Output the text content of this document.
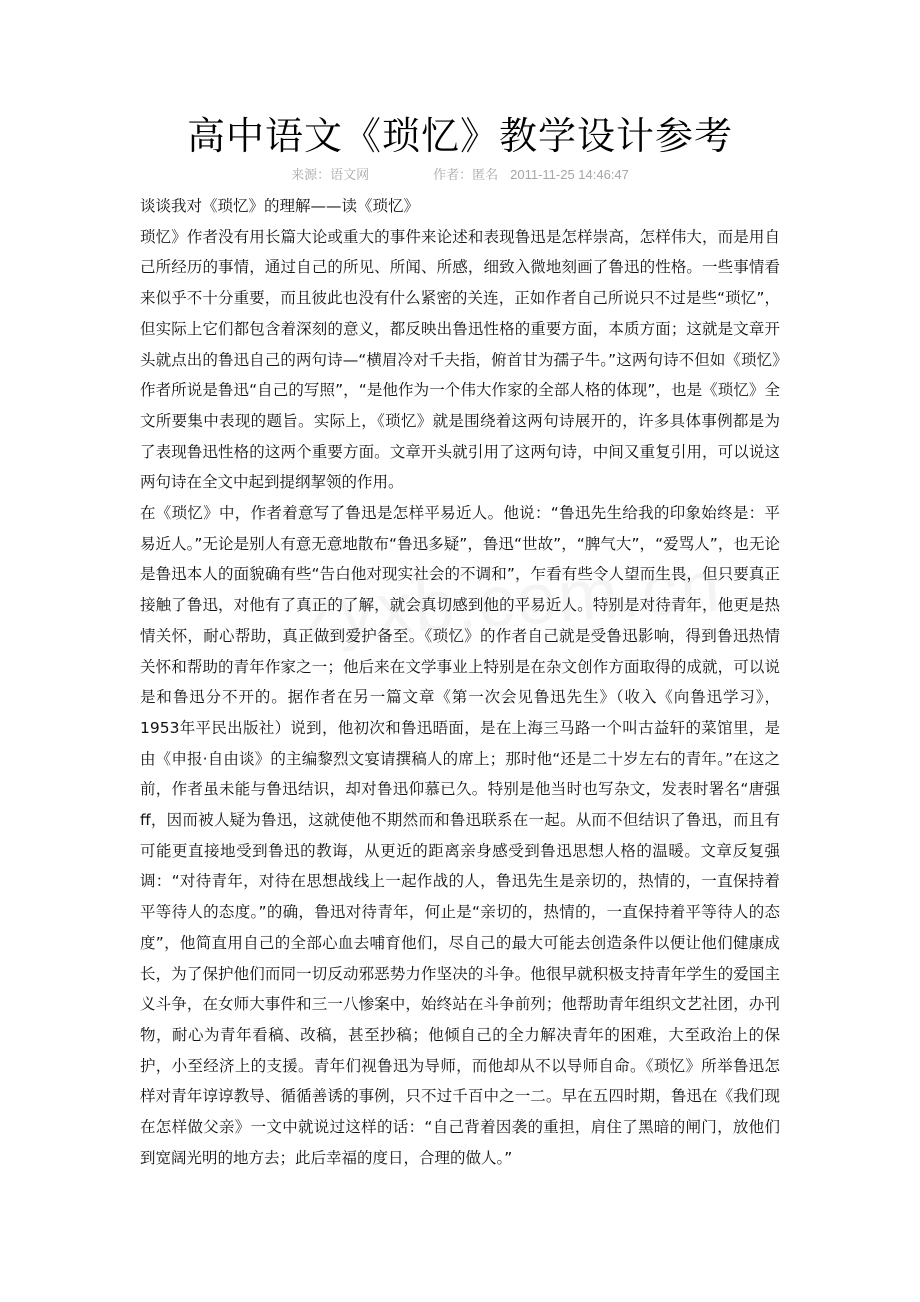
高中语文《琐忆》教学设计参考
来源：语文网	作者：匿名 2011-11-25 14:46:47

谈谈我对《琐忆》的理解——读《琐忆》

琐忆》作者没有用长篇大论或重大的事件来论述和表现鲁迅是怎样崇高，怎样伟大，而是用自己所经历的事情，通过自己的所见、所闻、所感，细致入微地刻画了鲁迅的性格。一些事情看来似乎不十分重要，而且彼此也没有什么紧密的关连，正如作者自己所说只不过是些“琐忆”，但实际上它们都包含着深刻的意义，都反映出鲁迅性格的重要方面，本质方面；这就是文章开头就点出的鲁迅自己的两句诗—“横眉冷对千夫指，俯首甘为孺子牛。”这两句诗不但如《琐忆》作者所说是鲁迅“自己的写照”，“是他作为一个伟大作家的全部人格的体现”，也是《琐忆》全文所要集中表现的题旨。实际上，《琐忆》就是围绕着这两句诗展开的，许多具体事例都是为了表现鲁迅性格的这两个重要方面。文章开头就引用了这两句诗，中间又重复引用，可以说这两句诗在全文中起到提纲挈领的作用。

在《琐忆》中，作者着意写了鲁迅是怎样平易近人。他说：“鲁迅先生给我的印象始终是：平易近人。”无论是别人有意无意地散布“鲁迅多疑”，鲁迅“世故”，“脾气大”，“爱骂人”，也无论是鲁迅本人的面貌确有些“告白他对现实社会的不调和”，乍看有些令人望而生畏，但只要真正接触了鲁迅，对他有了真正的了解，就会真切感到他的平易近人。特别是对待青年，他更是热情关怀，耐心帮助，真正做到爱护备至。《琐忆》的作者自己就是受鲁迅影响，得到鲁迅热情关怀和帮助的青年作家之一；他后来在文学事业上特别是在杂文创作方面取得的成就，可以说是和鲁迅分不开的。据作者在另一篇文章《第一次会见鲁迅先生》（收入《向鲁迅学习》，1953年平民出版社）说到，他初次和鲁迅晤面，是在上海三马路一个叫古益轩的菜馆里，是由《申报·自由谈》的主编黎烈文宴请撰稿人的席上；那时他“还是二十岁左右的青年。”在这之前，作者虽未能与鲁迅结识，却对鲁迅仰慕已久。特别是他当时也写杂文，发表时署名“唐强 ff，因而被人疑为鲁迅，这就使他不期然而和鲁迅联系在一起。从而不但结识了鲁迅，而且有可能更直接地受到鲁迅的教诲，从更近的距离亲身感受到鲁迅思想人格的温暖。文章反复强调：“对待青年，对待在思想战线上一起作战的人，鲁迅先生是亲切的，热情的，一直保持着平等待人的态度。”的确，鲁迅对待青年，何止是“亲切的，热情的，一直保持着平等待人的态度”，他简直用自己的全部心血去哺育他们，尽自己的最大可能去创造条件以便让他们健康成长，为了保护他们而同一切反动邪恶势力作坚决的斗争。他很早就积极支持青年学生的爱国主义斗争，在女师大事件和三一八惨案中，始终站在斗争前列；他帮助青年组织文艺社团，办刊物，耐心为青年看稿、改稿，甚至抄稿；他倾自己的全力解决青年的困难，大至政治上的保护，小至经济上的支援。青年们视鲁迅为导师，而他却从不以导师自命。《琐忆》所举鲁迅怎样对青年谆谆教导、循循善诱的事例，只不过千百中之一二。早在五四时期，鲁迅在《我们现在怎样做父亲》一文中就说过这样的话：“自己背着因袭的重担，肩住了黑暗的闸门，放他们到宽阔光明的地方去；此后幸福的度日，合理的做人。”
